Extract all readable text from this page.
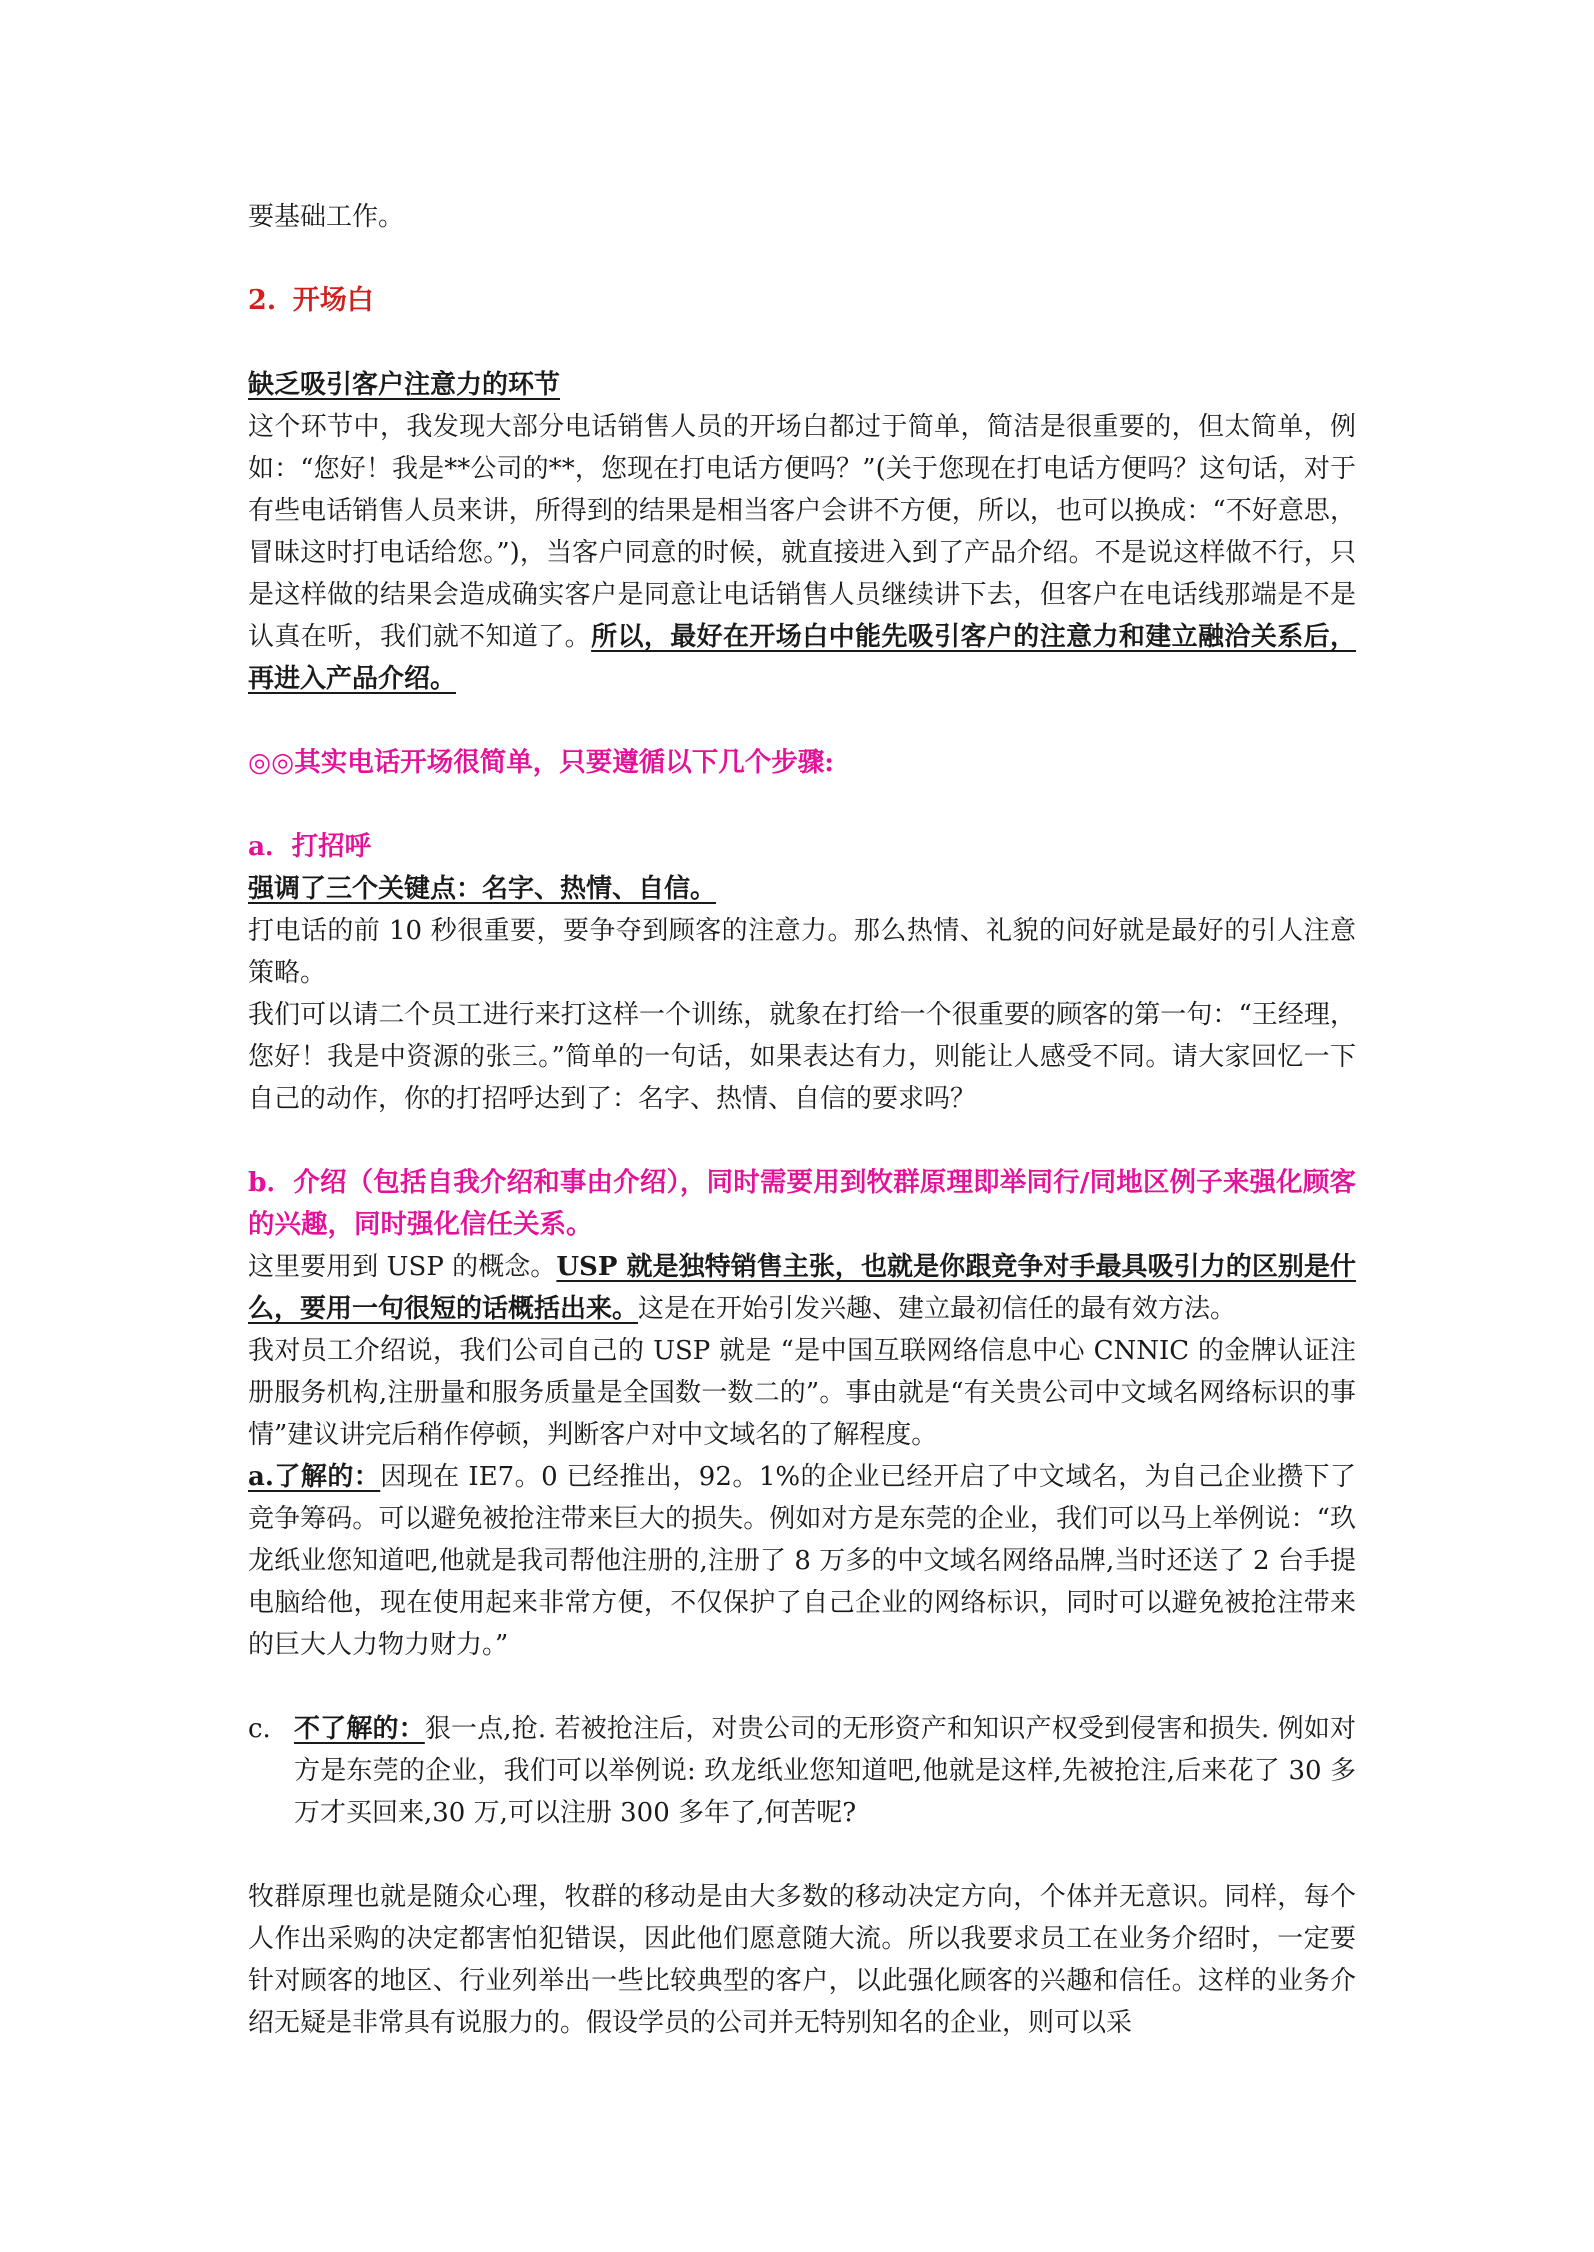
要基础工作。

2. 开场白

缺乏吸引客户注意力的环节

这个环节中，我发现大部分电话销售人员的开场白都过于简单，简洁是很重要的，但太简单，例如：“您好！我是**公司的**，您现在打电话方便吗？”(关于您现在打电话方便吗？这句话，对于有些电话销售人员来讲，所得到的结果是相当客户会讲不方便，所以，也可以换成：“不好意思，冒昧这时打电话给您。”)，当客户同意的时候，就直接进入到了产品介绍。不是说这样做不行，只是这样做的结果会造成确实客户是同意让电话销售人员继续讲下去，但客户在电话线那端是不是认真在听，我们就不知道了。所以，最好在开场白中能先吸引客户的注意力和建立融洽关系后，再进入产品介绍。

◎◎其实电话开场很简单，只要遵循以下几个步骤:

a．打招呼

强调了三个关键点：名字、热情、自信。

打电话的前 10 秒很重要，要争夺到顾客的注意力。那么热情、礼貌的问好就是最好的引人注意策略。

我们可以请二个员工进行来打这样一个训练，就象在打给一个很重要的顾客的第一句：“王经理，您好！我是中资源的张三。”简单的一句话，如果表达有力，则能让人感受不同。请大家回忆一下自己的动作，你的打招呼达到了：名字、热情、自信的要求吗？

b．介绍（包括自我介绍和事由介绍），同时需要用到牧群原理即举同行/同地区例子来强化顾客的兴趣，同时强化信任关系。

这里要用到 USP 的概念。USP 就是独特销售主张，也就是你跟竞争对手最具吸引力的区别是什么，要用一句很短的话概括出来。这是在开始引发兴趣、建立最初信任的最有效方法。

我对员工介绍说，我们公司自己的 USP 就是 “是中国互联网络信息中心 CNNIC 的金牌认证注册服务机构,注册量和服务质量是全国数一数二的”。事由就是“有关贵公司中文域名网络标识的事情”建议讲完后稍作停顿，判断客户对中文域名的了解程度。

a.了解的：因现在 IE7。0 已经推出，92。1%的企业已经开启了中文域名，为自己企业攒下了竞争筹码。可以避免被抢注带来巨大的损失。例如对方是东莞的企业，我们可以马上举例说：“玖龙纸业您知道吧,他就是我司帮他注册的,注册了 8 万多的中文域名网络品牌,当时还送了 2 台手提电脑给他，现在使用起来非常方便，不仅保护了自己企业的网络标识，同时可以避免被抢注带来的巨大人力物力财力。”

c. 不了解的：狠一点,抢. 若被抢注后，对贵公司的无形资产和知识产权受到侵害和损失. 例如对方是东莞的企业，我们可以举例说: 玖龙纸业您知道吧,他就是这样,先被抢注,后来花了 30 多万才买回来,30 万,可以注册 300 多年了,何苦呢?

牧群原理也就是随众心理，牧群的移动是由大多数的移动决定方向，个体并无意识。同样，每个人作出采购的决定都害怕犯错误，因此他们愿意随大流。所以我要求员工在业务介绍时，一定要针对顾客的地区、行业列举出一些比较典型的客户，以此强化顾客的兴趣和信任。这样的业务介绍无疑是非常具有说服力的。假设学员的公司并无特别知名的企业，则可以采
